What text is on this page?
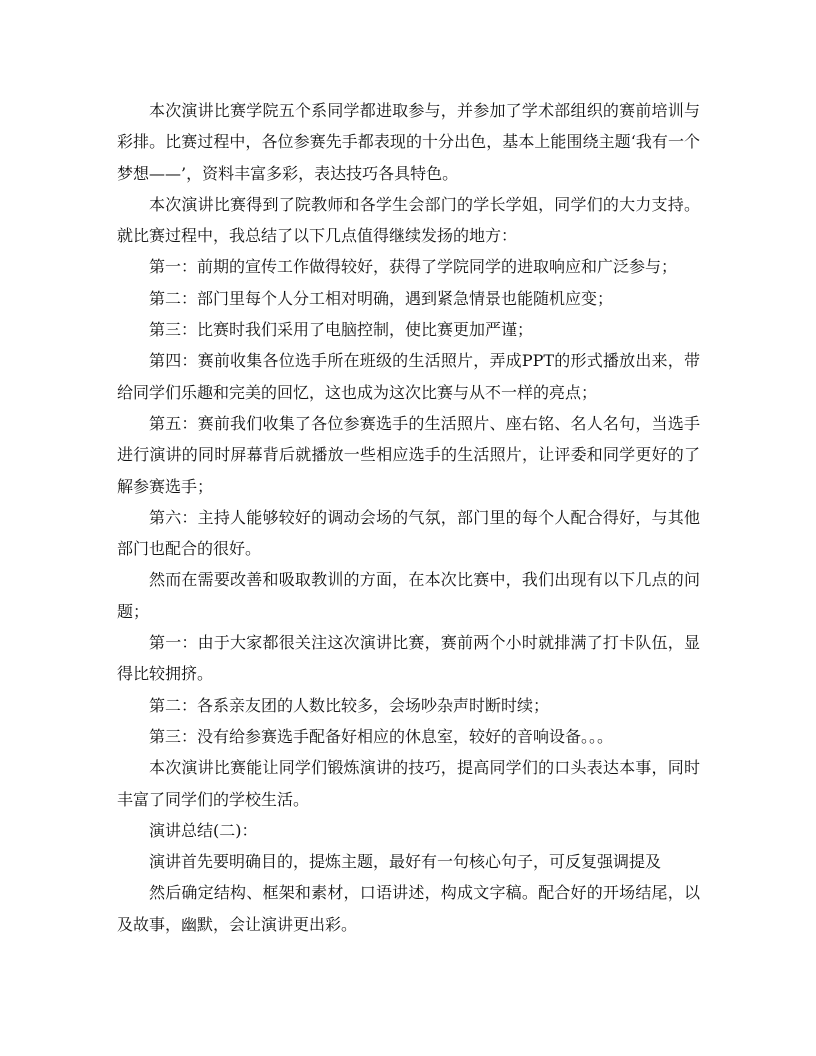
本次演讲比赛学院五个系同学都进取参与，并参加了学术部组织的赛前培训与彩排。比赛过程中，各位参赛先手都表现的十分出色，基本上能围绕主题‘我有一个梦想——’，资料丰富多彩，表达技巧各具特色。

本次演讲比赛得到了院教师和各学生会部门的学长学姐，同学们的大力支持。就比赛过程中，我总结了以下几点值得继续发扬的地方：

第一：前期的宣传工作做得较好，获得了学院同学的进取响应和广泛参与；

第二：部门里每个人分工相对明确，遇到紧急情景也能随机应变；

第三：比赛时我们采用了电脑控制，使比赛更加严谨；

第四：赛前收集各位选手所在班级的生活照片，弄成PPT的形式播放出来，带给同学们乐趣和完美的回忆，这也成为这次比赛与从不一样的亮点；

第五：赛前我们收集了各位参赛选手的生活照片、座右铭、名人名句，当选手进行演讲的同时屏幕背后就播放一些相应选手的生活照片，让评委和同学更好的了解参赛选手；

第六：主持人能够较好的调动会场的气氛，部门里的每个人配合得好，与其他部门也配合的很好。

然而在需要改善和吸取教训的方面，在本次比赛中，我们出现有以下几点的问题；

第一：由于大家都很关注这次演讲比赛，赛前两个小时就排满了打卡队伍，显得比较拥挤。

第二：各系亲友团的人数比较多，会场吵杂声时断时续；

第三：没有给参赛选手配备好相应的休息室，较好的音响设备。。。

本次演讲比赛能让同学们锻炼演讲的技巧，提高同学们的口头表达本事，同时丰富了同学们的学校生活。

演讲总结(二)：

演讲首先要明确目的，提炼主题，最好有一句核心句子，可反复强调提及

然后确定结构、框架和素材，口语讲述，构成文字稿。配合好的开场结尾，以及故事，幽默，会让演讲更出彩。
